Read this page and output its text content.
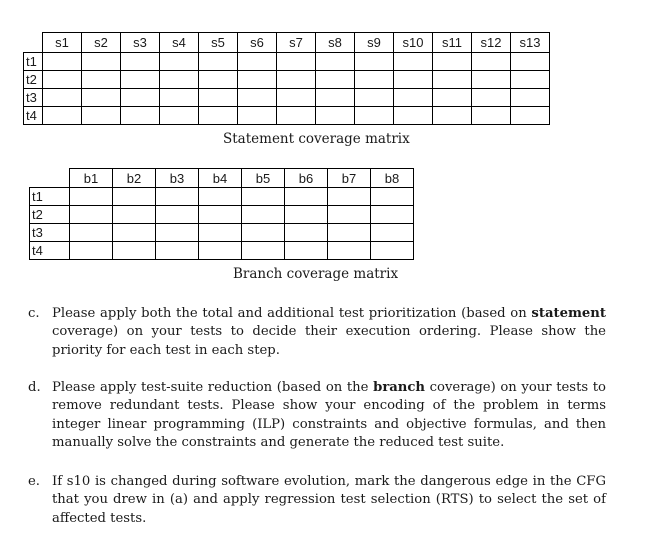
	s1	s2	s3	s4	s5	s6	s7	s8	s9	s10	s11	s12	s13
t1													
t2													
t3													
t4													
Statement coverage matrix
	b1	b2	b3	b4	b5	b6	b7	b8
t1								
t2								
t3								
t4								
Branch coverage matrix
c. Please apply both the total and additional test prioritization (based on statement coverage) on your tests to decide their execution ordering. Please show the priority for each test in each step.
d. Please apply test-suite reduction (based on the branch coverage) on your tests to remove redundant tests. Please show your encoding of the problem in terms integer linear programming (ILP) constraints and objective formulas, and then manually solve the constraints and generate the reduced test suite.
e. If s10 is changed during software evolution, mark the dangerous edge in the CFG that you drew in (a) and apply regression test selection (RTS) to select the set of affected tests.
